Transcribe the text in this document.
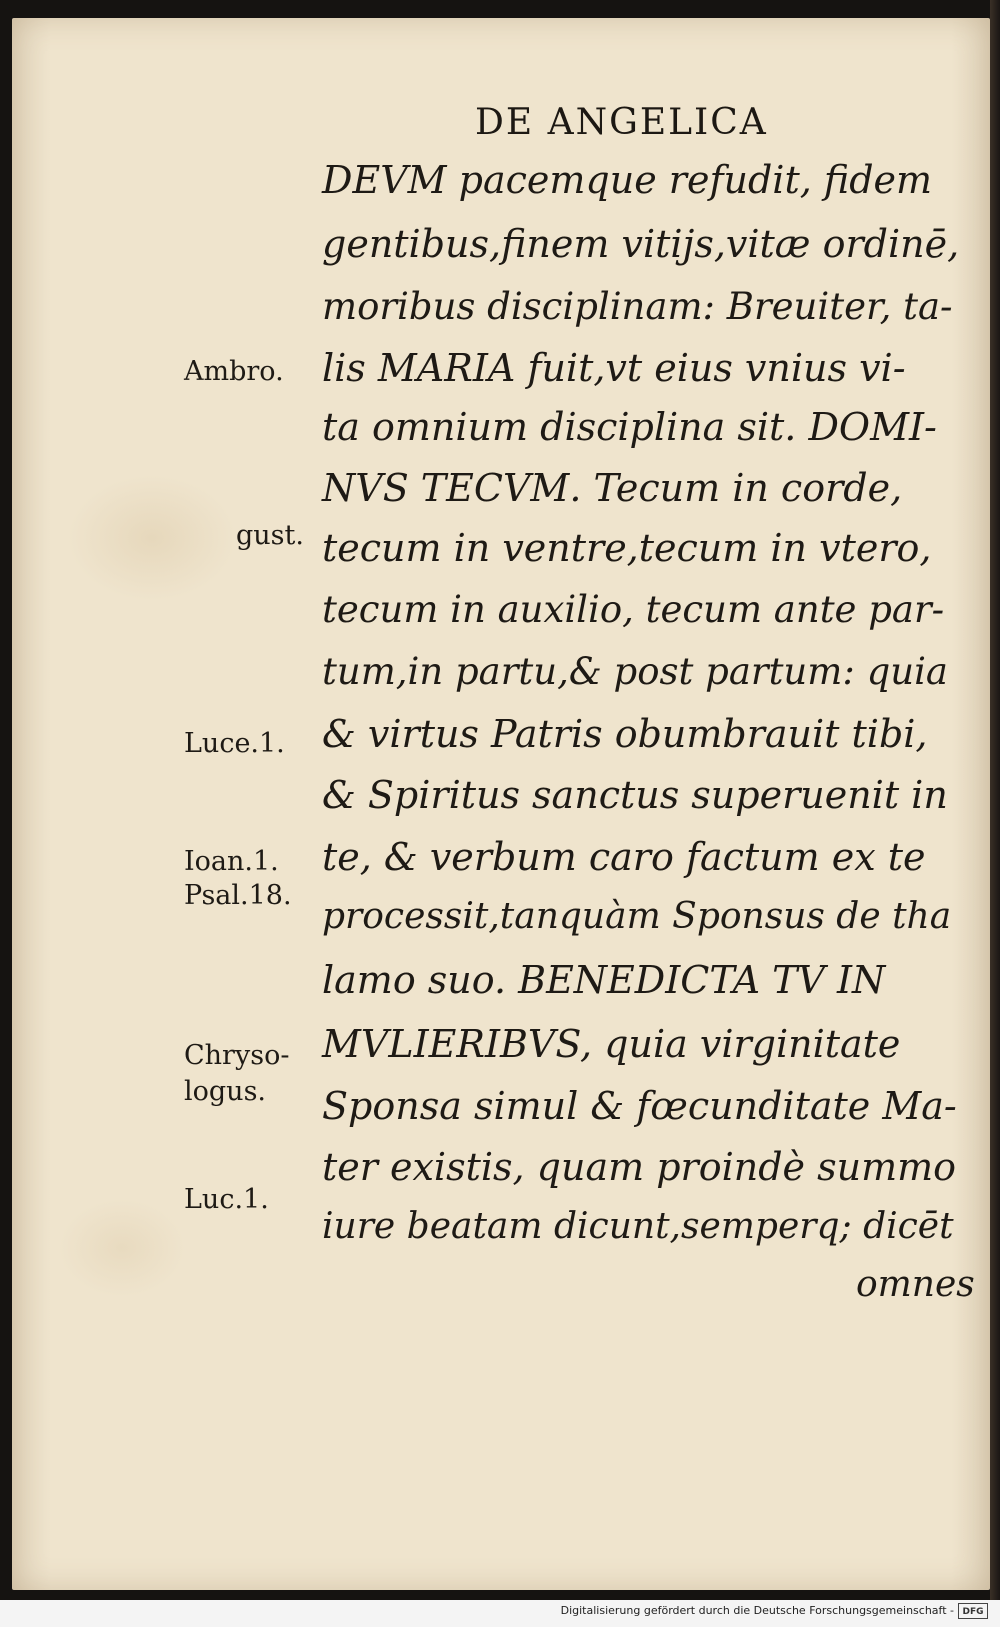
DE ANGELICA
DEVM pacemque refudit, fidem
gentibus,finem vitijs,vitæ ordinē,
moribus disciplinam: Breuiter, ta-
lis MARIA fuit,vt eius vnius vi-
ta omnium disciplina sit. DOMI-
NVS TECVM. Tecum in corde,
tecum in ventre,tecum in vtero,
tecum in auxilio, tecum ante par-
tum,in partu,& post partum: quia
& virtus Patris obumbrauit tibi,
& Spiritus sanctus superuenit in
te, & verbum caro factum ex te
processit,tanquàm Sponsus de tha
lamo suo. BENEDICTA TV IN
MVLIERIBVS, quia virginitate
Sponsa simul & fœcunditate Ma-
ter existis, quam proindè summo
iure beatam dicunt,semperq; dicēt
omnes
Ambro.
gust.
Luce.1.
Ioan.1.
Psal.18.
Chryso-
logus.
Luc.1.
Digitalisierung gefördert durch die Deutsche Forschungsgemeinschaft - DFG
